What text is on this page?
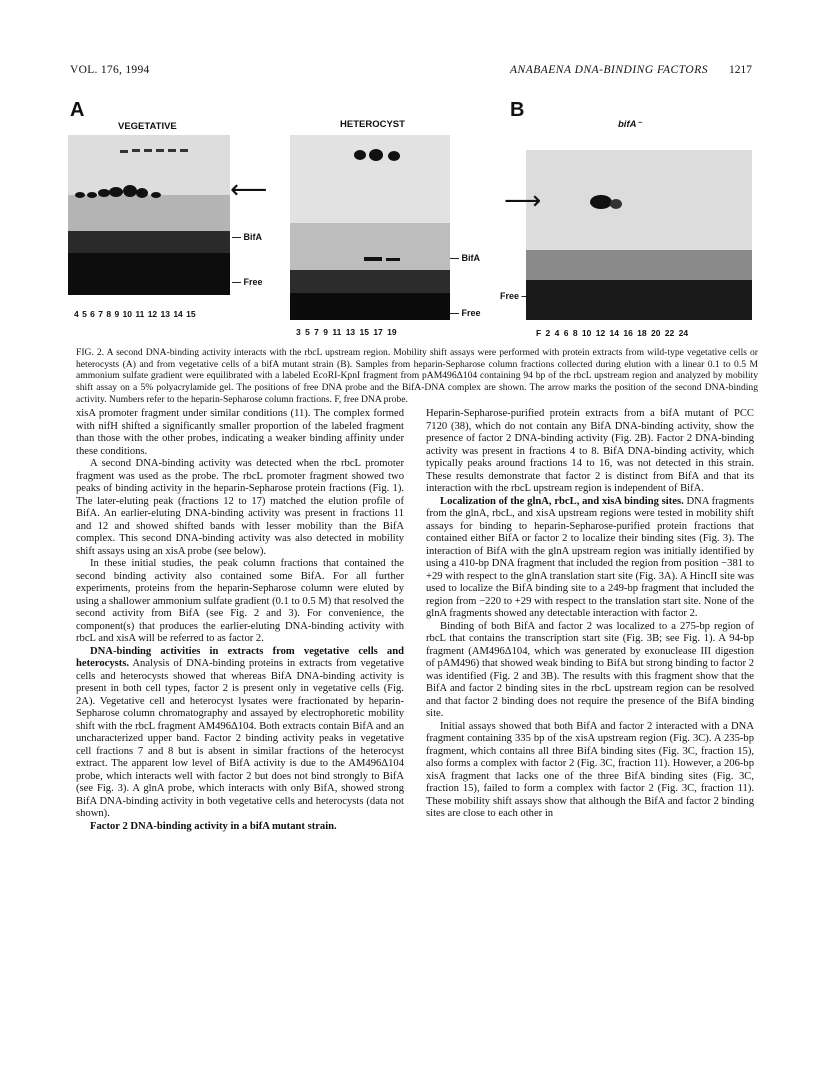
VOL. 176, 1994	ANABAENA DNA-BINDING FACTORS 1217
A	B
VEGETATIVE	HETEROCYST	bifA⁻
⟵
— BifA
— Free
4 5 6 7 8 9 10 11 12 13 14 15
— BifA
— Free
3 5 7 9 11 13 15 17 19
⟶
Free —
F 2 4 6 8 10 12 14 16 18 20 22 24
FIG. 2. A second DNA-binding activity interacts with the rbcL upstream region. Mobility shift assays were performed with protein extracts from wild-type vegetative cells or heterocysts (A) and from vegetative cells of a bifA mutant strain (B). Samples from heparin-Sepharose column fractions collected during elution with a linear 0.1 to 0.5 M ammonium sulfate gradient were equilibrated with a labeled EcoRI-KpnI fragment from pAM496Δ104 containing 94 bp of the rbcL upstream region and analyzed by mobility shift assay on a 5% polyacrylamide gel. The positions of free DNA probe and the BifA-DNA complex are shown. The arrow marks the position of the second DNA-binding activity. Numbers refer to the heparin-Sepharose column fractions. F, free DNA probe.

xisA promoter fragment under similar conditions (11). The complex formed with nifH shifted a significantly smaller proportion of the labeled fragment than those with the other probes, indicating a weaker binding affinity under these conditions.

A second DNA-binding activity was detected when the rbcL promoter fragment was used as the probe. The rbcL promoter fragment showed two peaks of binding activity in the heparin-Sepharose protein fractions (Fig. 1). The later-eluting peak (fractions 12 to 17) matched the elution profile of BifA. An earlier-eluting DNA-binding activity was present in fractions 11 and 12 and showed shifted bands with lesser mobility than the BifA complex. This second DNA-binding activity was also detected in mobility shift assays using an xisA probe (see below).

In these initial studies, the peak column fractions that contained the second binding activity also contained some BifA. For all further experiments, proteins from the heparin-Sepharose column were eluted by using a shallower ammonium sulfate gradient (0.1 to 0.5 M) that resolved the second activity from BifA (see Fig. 2 and 3). For convenience, the component(s) that produces the earlier-eluting DNA-binding activity with rbcL and xisA will be referred to as factor 2.

DNA-binding activities in extracts from vegetative cells and heterocysts. Analysis of DNA-binding proteins in extracts from vegetative cells and heterocysts showed that whereas BifA DNA-binding activity is present in both cell types, factor 2 is present only in vegetative cells (Fig. 2A). Vegetative cell and heterocyst lysates were fractionated by heparin-Sepharose column chromatography and assayed by electrophoretic mobility shift with the rbcL fragment AM496Δ104. Both extracts contain BifA and an uncharacterized upper band. Factor 2 binding activity peaks in vegetative cell fractions 7 and 8 but is absent in similar fractions of the heterocyst extract. The apparent low level of BifA activity is due to the AM496Δ104 probe, which interacts well with factor 2 but does not bind strongly to BifA (see Fig. 3). A glnA probe, which interacts with only BifA, showed strong BifA DNA-binding activity in both vegetative cells and heterocysts (data not shown).

Factor 2 DNA-binding activity in a bifA mutant strain.

Heparin-Sepharose-purified protein extracts from a bifA mutant of PCC 7120 (38), which do not contain any BifA DNA-binding activity, show the presence of factor 2 DNA-binding activity (Fig. 2B). Factor 2 DNA-binding activity was present in fractions 4 to 8. BifA DNA-binding activity, which typically peaks around fractions 14 to 16, was not detected in this strain. These results demonstrate that factor 2 is distinct from BifA and that its interaction with the rbcL upstream region is independent of BifA.

Localization of the glnA, rbcL, and xisA binding sites. DNA fragments from the glnA, rbcL, and xisA upstream regions were tested in mobility shift assays for binding to heparin-Sepharose-purified protein fractions that contained either BifA or factor 2 to localize their binding sites (Fig. 3). The interaction of BifA with the glnA upstream region was initially identified by using a 410-bp DNA fragment that included the region from position −381 to +29 with respect to the glnA translation start site (Fig. 3A). A HincII site was used to localize the BifA binding site to a 249-bp fragment that included the region from −220 to +29 with respect to the translation start site. None of the glnA fragments showed any detectable interaction with factor 2.

Binding of both BifA and factor 2 was localized to a 275-bp region of rbcL that contains the transcription start site (Fig. 3B; see Fig. 1). A 94-bp fragment (AM496Δ104, which was generated by exonuclease III digestion of pAM496) that showed weak binding to BifA but strong binding to factor 2 was identified (Fig. 2 and 3B). The results with this fragment show that the BifA and factor 2 binding sites in the rbcL upstream region can be resolved and that factor 2 binding does not require the presence of the BifA binding site.

Initial assays showed that both BifA and factor 2 interacted with a DNA fragment containing 335 bp of the xisA upstream region (Fig. 3C). A 235-bp fragment, which contains all three BifA binding sites (Fig. 3C, fraction 15), also forms a complex with factor 2 (Fig. 3C, fraction 11). However, a 206-bp xisA fragment that lacks one of the three BifA binding sites (Fig. 3C, fraction 15), failed to form a complex with factor 2 (Fig. 3C, fraction 11). These mobility shift assays show that although the BifA and factor 2 binding sites are close to each other in
